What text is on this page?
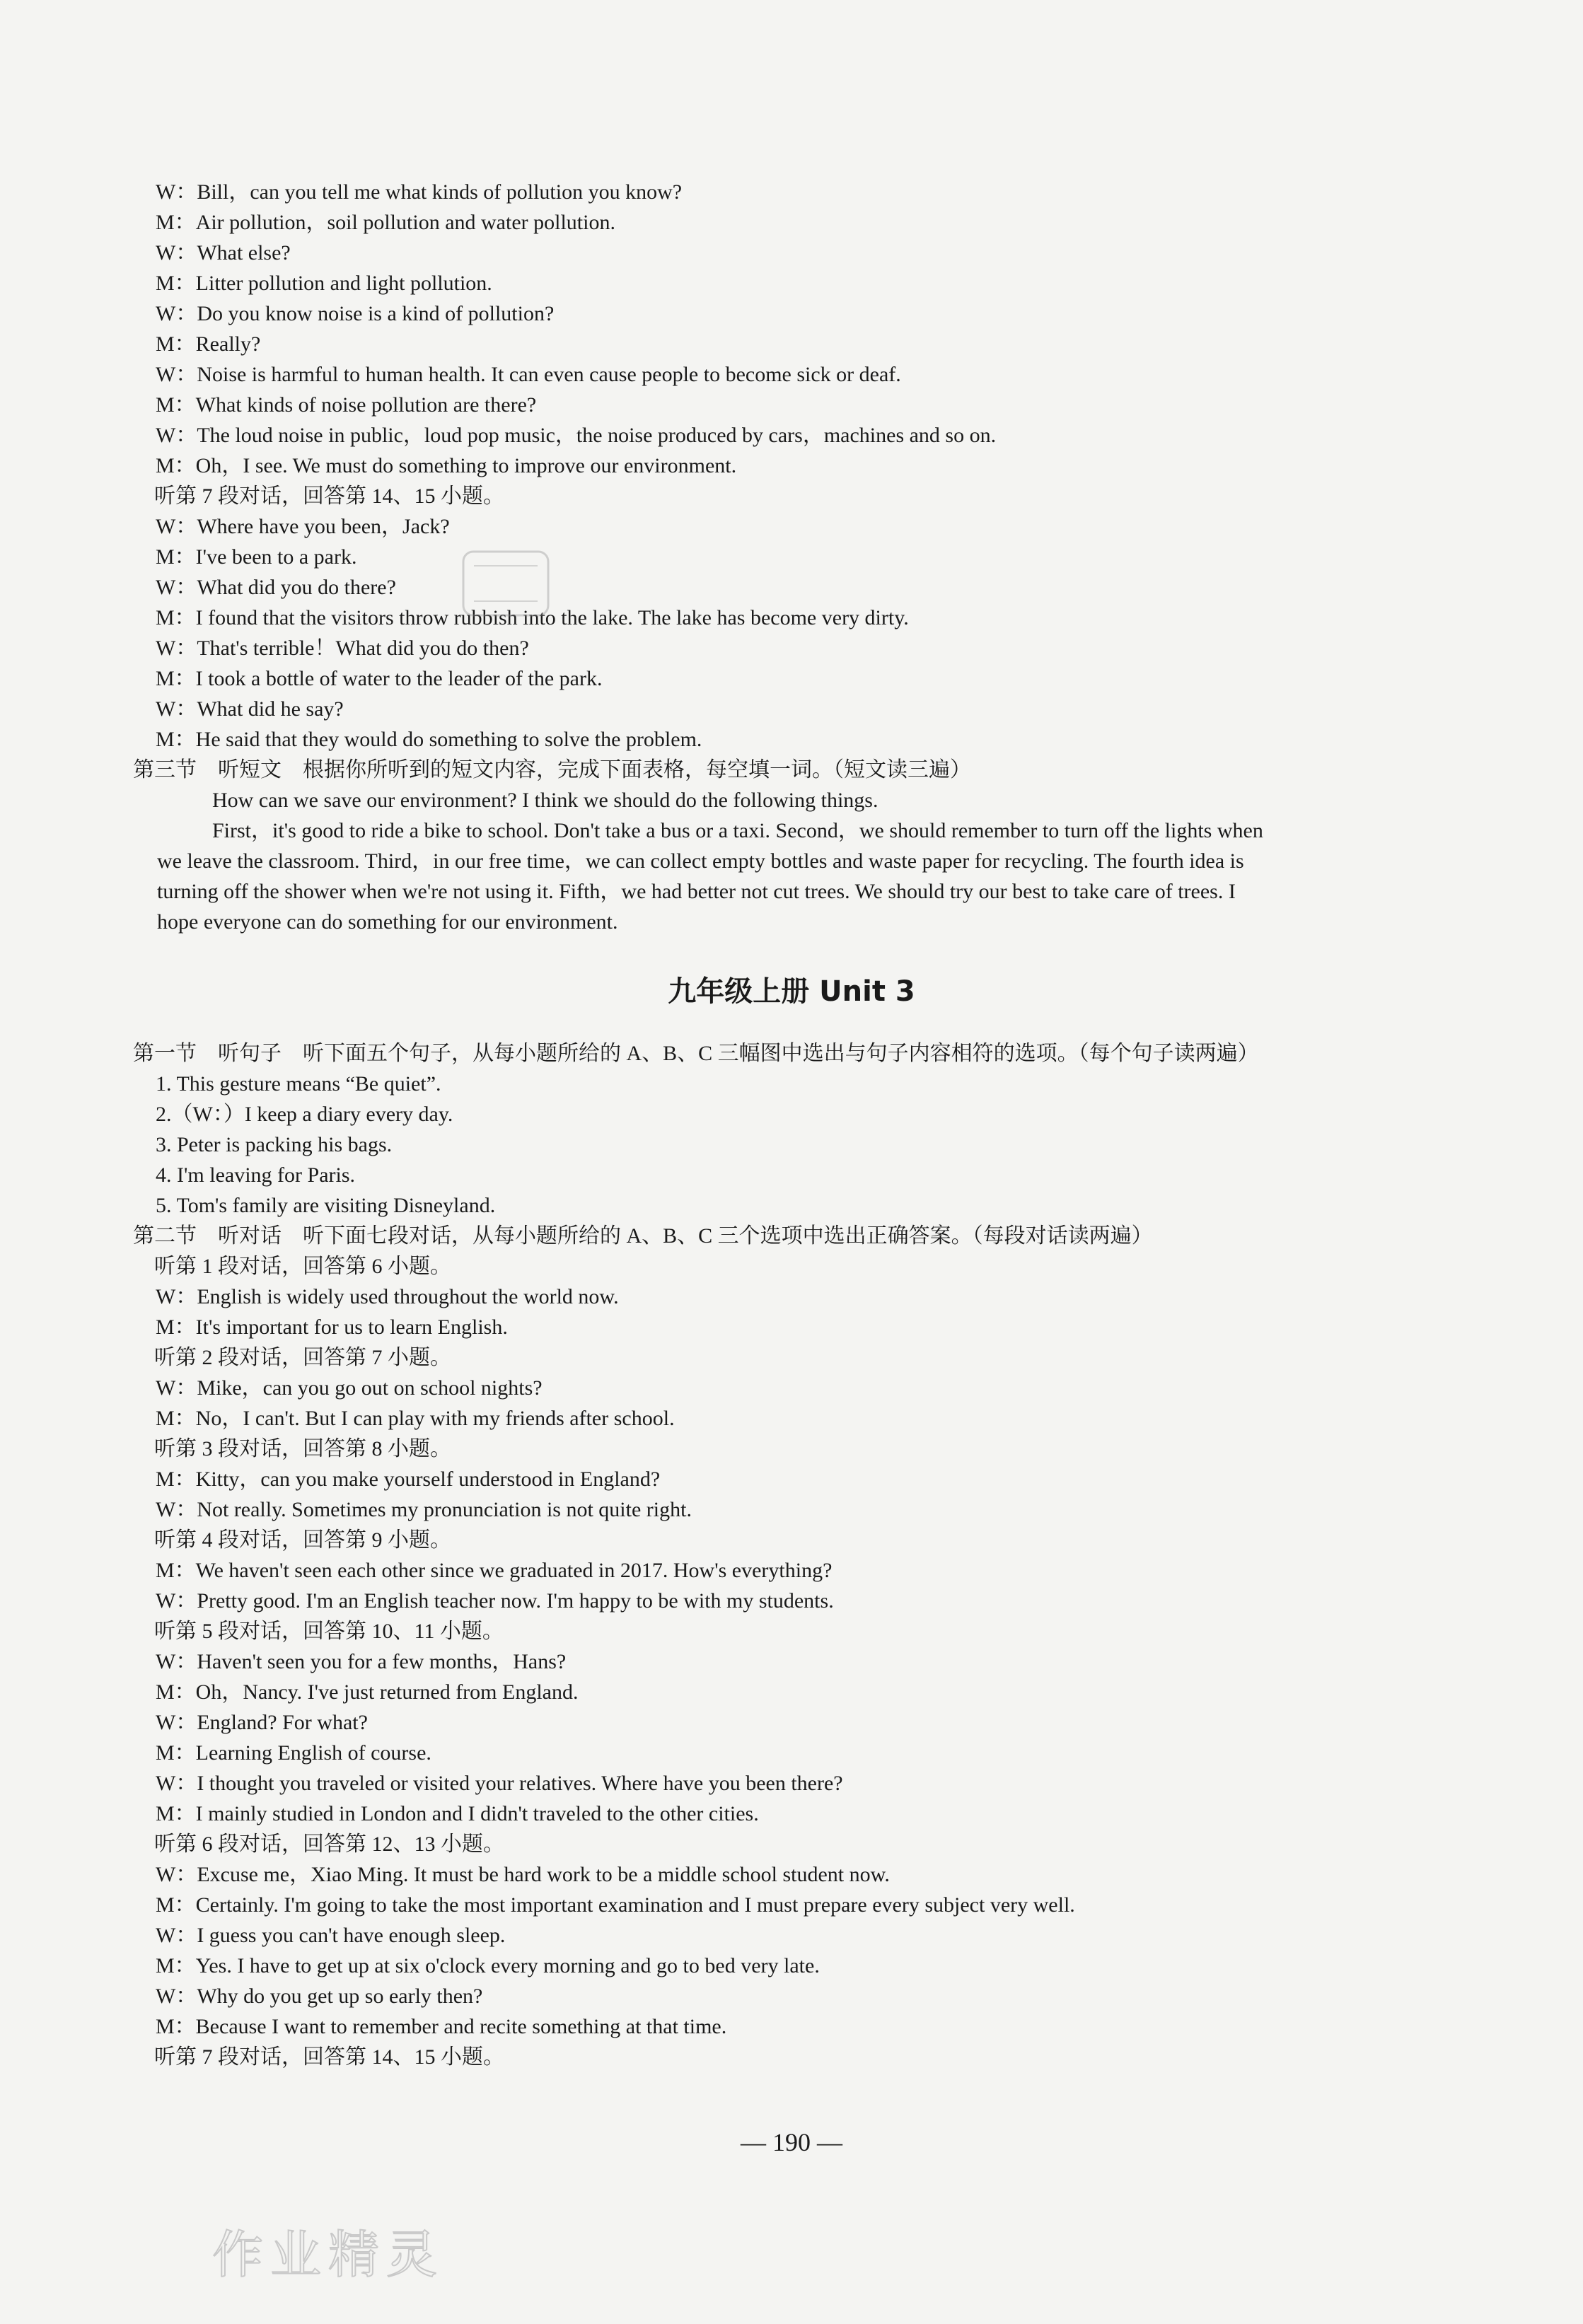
W：Bill，can you tell me what kinds of pollution you know?
M：Air pollution，soil pollution and water pollution.
W：What else?
M：Litter pollution and light pollution.
W：Do you know noise is a kind of pollution?
M：Really?
W：Noise is harmful to human health. It can even cause people to become sick or deaf.
M：What kinds of noise pollution are there?
W：The loud noise in public，loud pop music，the noise produced by cars，machines and so on.
M：Oh，I see. We must do something to improve our environment.
听第 7 段对话，回答第 14、15 小题。
W：Where have you been，Jack?
M：I've been to a park.
W：What did you do there?
M：I found that the visitors throw rubbish into the lake. The lake has become very dirty.
W：That's terrible！What did you do then?
M：I took a bottle of water to the leader of the park.
W：What did he say?
M：He said that they would do something to solve the problem.
第三节　听短文　根据你所听到的短文内容，完成下面表格，每空填一词。（短文读三遍）
How can we save our environment? I think we should do the following things.
First，it's good to ride a bike to school. Don't take a bus or a taxi. Second，we should remember to turn off the lights when
we leave the classroom. Third，in our free time，we can collect empty bottles and waste paper for recycling. The fourth idea is
turning off the shower when we're not using it. Fifth，we had better not cut trees. We should try our best to take care of trees. I
hope everyone can do something for our environment.
九年级上册 Unit 3
第一节　听句子　听下面五个句子，从每小题所给的 A、B、C 三幅图中选出与句子内容相符的选项。（每个句子读两遍）
1. This gesture means “Be quiet”.
2.（W：）I keep a diary every day.
3. Peter is packing his bags.
4. I'm leaving for Paris.
5. Tom's family are visiting Disneyland.
第二节　听对话　听下面七段对话，从每小题所给的 A、B、C 三个选项中选出正确答案。（每段对话读两遍）
听第 1 段对话，回答第 6 小题。
W：English is widely used throughout the world now.
M：It's important for us to learn English.
听第 2 段对话，回答第 7 小题。
W：Mike，can you go out on school nights?
M：No，I can't. But I can play with my friends after school.
听第 3 段对话，回答第 8 小题。
M：Kitty，can you make yourself understood in England?
W：Not really. Sometimes my pronunciation is not quite right.
听第 4 段对话，回答第 9 小题。
M：We haven't seen each other since we graduated in 2017. How's everything?
W：Pretty good. I'm an English teacher now. I'm happy to be with my students.
听第 5 段对话，回答第 10、11 小题。
W：Haven't seen you for a few months，Hans?
M：Oh，Nancy. I've just returned from England.
W：England? For what?
M：Learning English of course.
W：I thought you traveled or visited your relatives. Where have you been there?
M：I mainly studied in London and I didn't traveled to the other cities.
听第 6 段对话，回答第 12、13 小题。
W：Excuse me，Xiao Ming. It must be hard work to be a middle school student now.
M：Certainly. I'm going to take the most important examination and I must prepare every subject very well.
W：I guess you can't have enough sleep.
M：Yes. I have to get up at six o'clock every morning and go to bed very late.
W：Why do you get up so early then?
M：Because I want to remember and recite something at that time.
听第 7 段对话，回答第 14、15 小题。
— 190 —
作业精灵
